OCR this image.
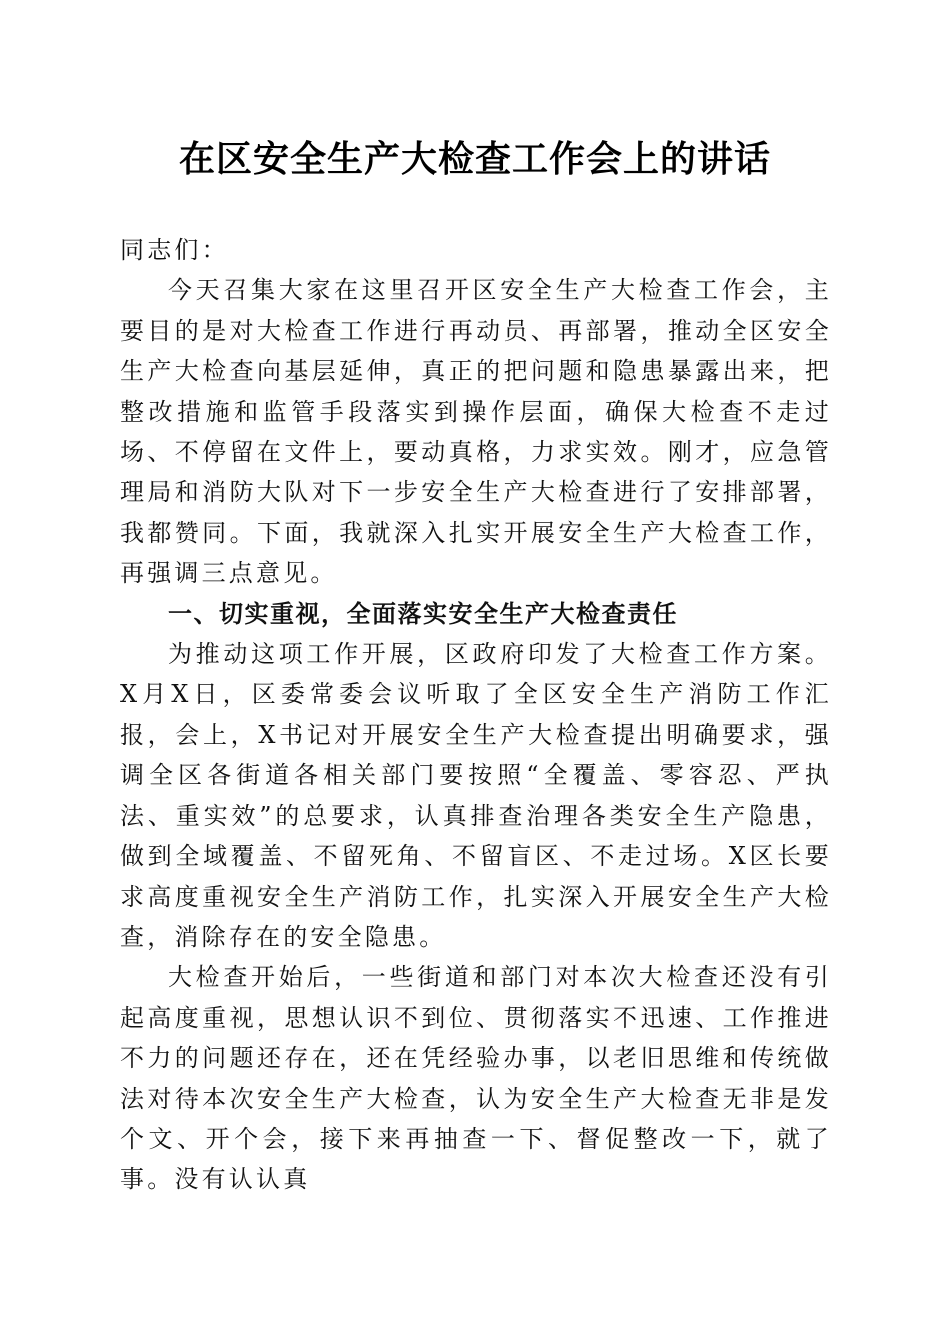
在区安全生产大检查工作会上的讲话

同志们：

今天召集大家在这里召开区安全生产大检查工作会，主要目的是对大检查工作进行再动员、再部署，推动全区安全生产大检查向基层延伸，真正的把问题和隐患暴露出来，把整改措施和监管手段落实到操作层面，确保大检查不走过场、不停留在文件上，要动真格，力求实效。刚才，应急管理局和消防大队对下一步安全生产大检查进行了安排部署，我都赞同。下面，我就深入扎实开展安全生产大检查工作，再强调三点意见。

一、切实重视，全面落实安全生产大检查责任

为推动这项工作开展，区政府印发了大检查工作方案。X月X日，区委常委会议听取了全区安全生产消防工作汇报，会上，X书记对开展安全生产大检查提出明确要求，强调全区各街道各相关部门要按照“全覆盖、零容忍、严执法、重实效”的总要求，认真排查治理各类安全生产隐患，做到全域覆盖、不留死角、不留盲区、不走过场。X区长要求高度重视安全生产消防工作，扎实深入开展安全生产大检查，消除存在的安全隐患。

大检查开始后，一些街道和部门对本次大检查还没有引起高度重视，思想认识不到位、贯彻落实不迅速、工作推进不力的问题还存在，还在凭经验办事，以老旧思维和传统做法对待本次安全生产大检查，认为安全生产大检查无非是发个文、开个会，接下来再抽查一下、督促整改一下，就了事。没有认认真
